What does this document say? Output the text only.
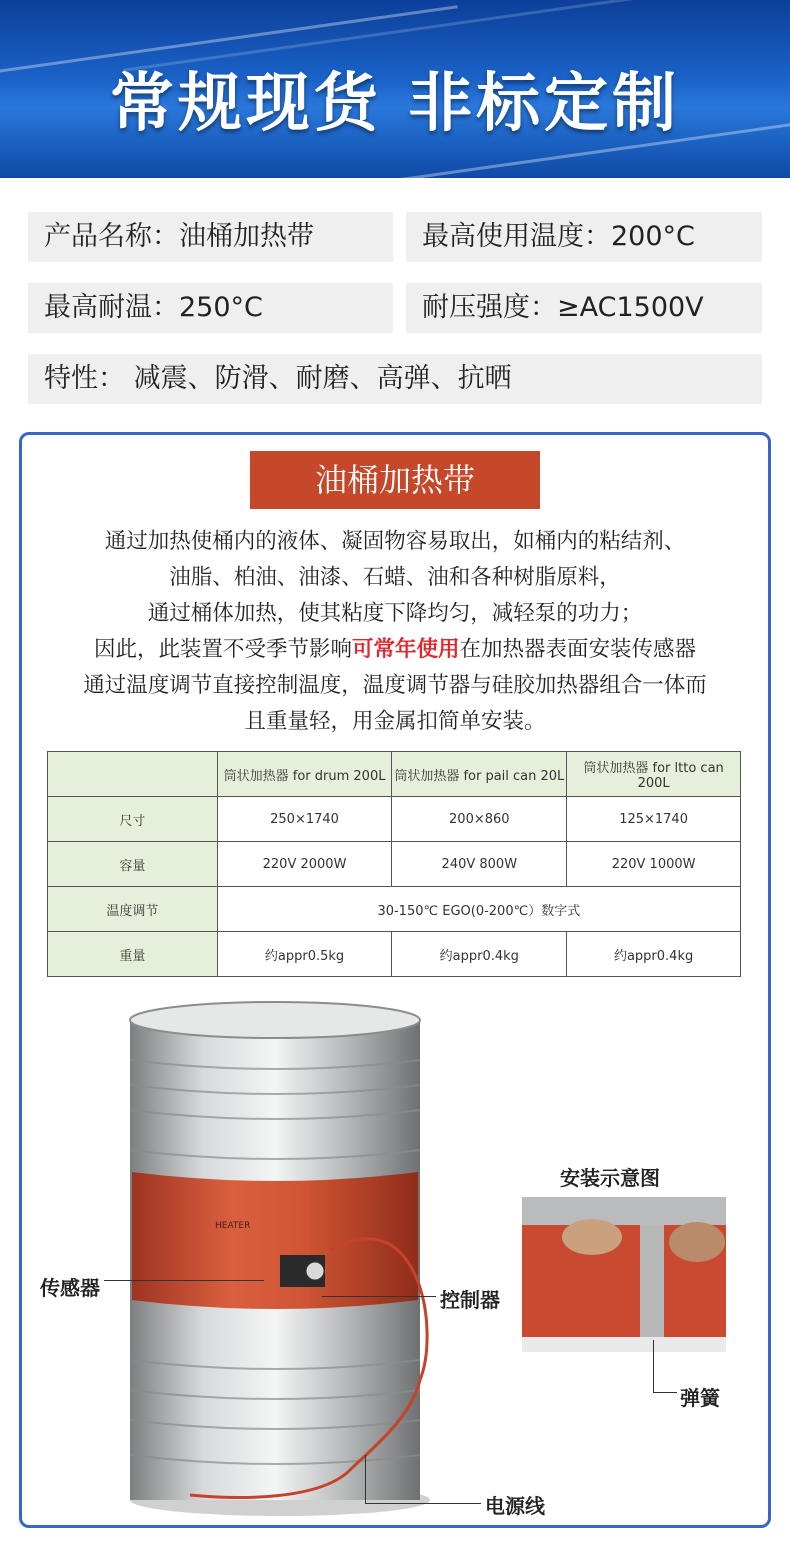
常规现货 非标定制
产品名称：油桶加热带	最高使用温度：200°C
最高耐温：250°C	耐压强度：≥AC1500V
特性： 减震、防滑、耐磨、高弹、抗晒
油桶加热带
通过加热使桶内的液体、凝固物容易取出，如桶内的粘结剂、
油脂、柏油、油漆、石蜡、油和各种树脂原料，
通过桶体加热，使其粘度下降均匀，减轻泵的功力；
因此，此装置不受季节影响可常年使用在加热器表面安装传感器
通过温度调节直接控制温度，温度调节器与硅胶加热器组合一体而
且重量轻，用金属扣简单安装。
	筒状加热器 for drum 200L	筒状加热器 for pail can 20L	筒状加热器 for ltto can 200L
尺寸	250×1740	200×860	125×1740
容量	220V 2000W	240V 800W	220V 1000W
温度调节	30-150℃ EGO(0-200℃）数字式		
重量	约appr0.5kg	约appr0.4kg	约appr0.4kg
HEATER
安装示意图
传感器	控制器
弹簧
电源线
